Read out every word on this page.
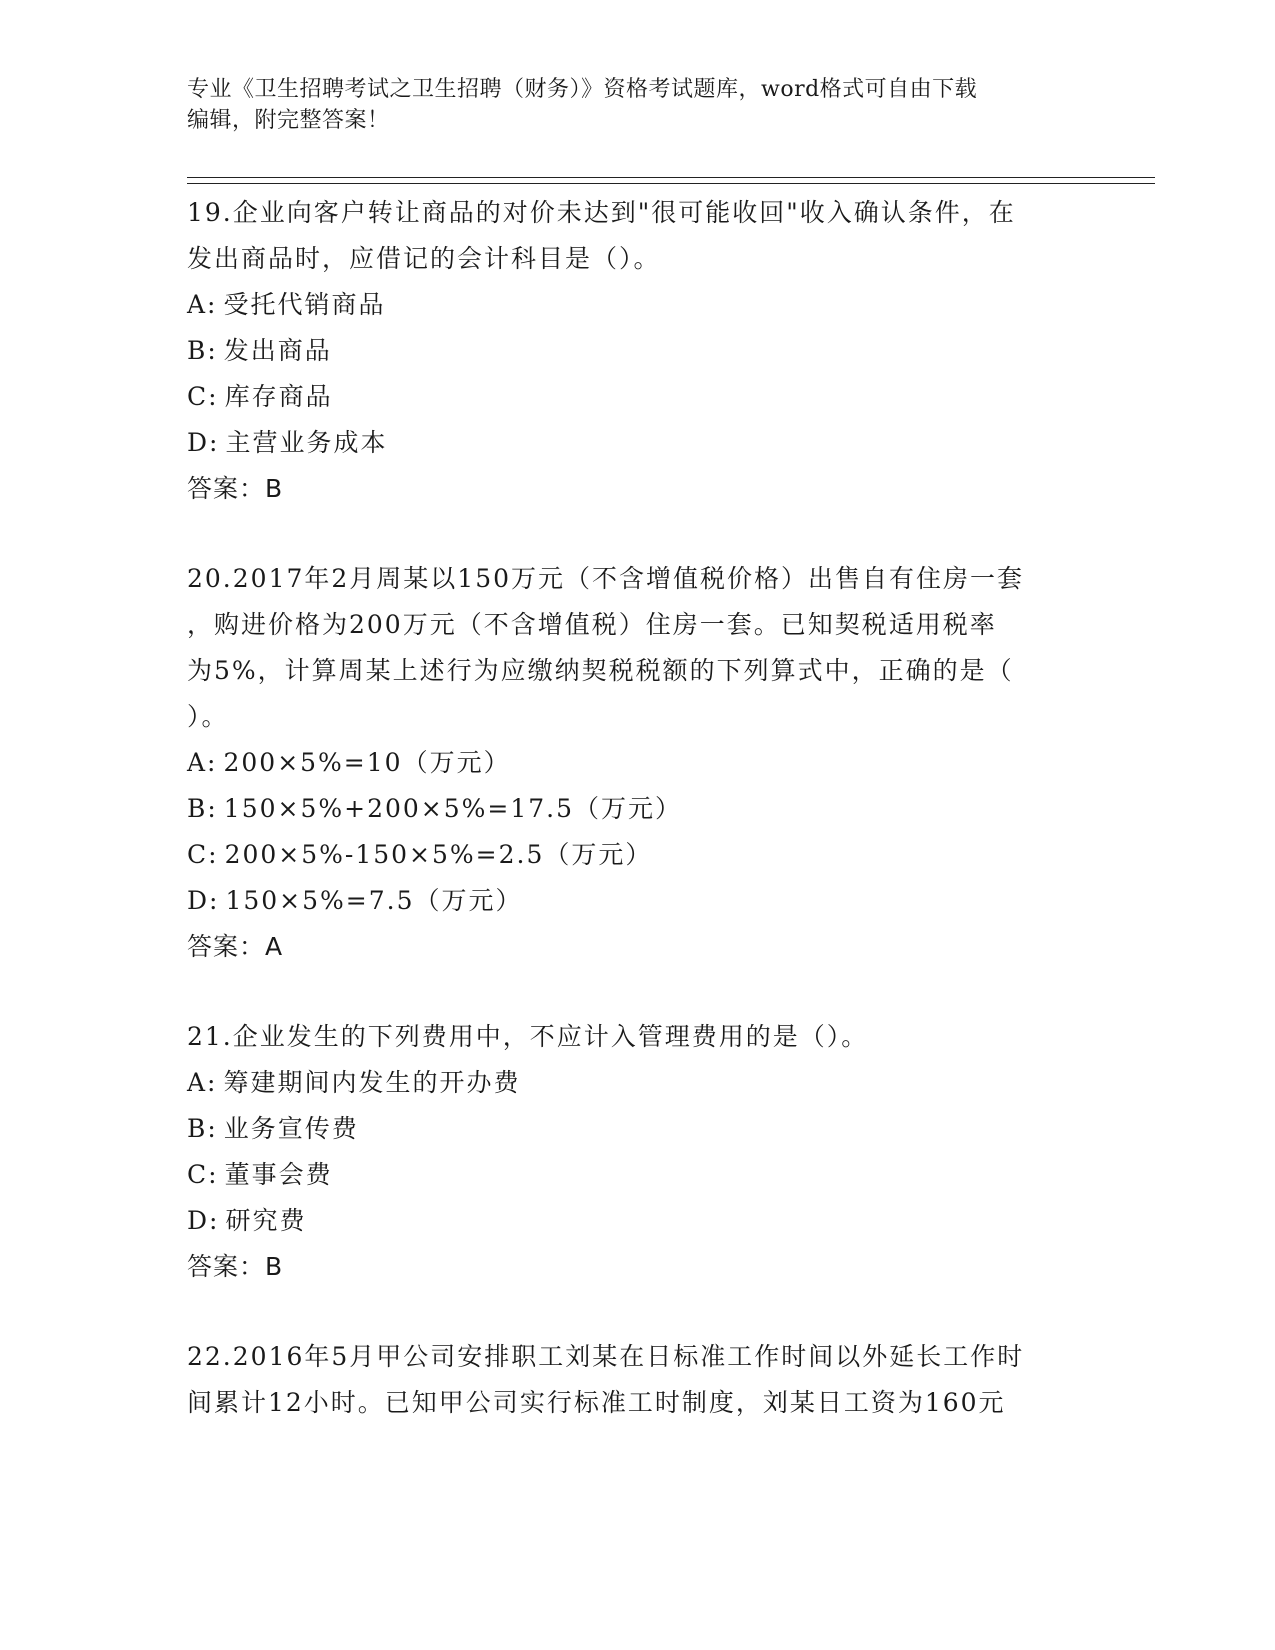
专业《卫生招聘考试之卫生招聘（财务）》资格考试题库，word格式可自由下载
编辑，附完整答案！

19.企业向客户转让商品的对价未达到"很可能收回"收入确认条件，在

发出商品时，应借记的会计科目是（）。

A: 受托代销商品

B: 发出商品

C: 库存商品

D: 主营业务成本

答案：B

20.2017年2月周某以150万元（不含增值税价格）出售自有住房一套

，购进价格为200万元（不含增值税）住房一套。已知契税适用税率

为5%，计算周某上述行为应缴纳契税税额的下列算式中，正确的是（

）。

A: 200×5%=10（万元）

B: 150×5%+200×5%=17.5（万元）

C: 200×5%-150×5%=2.5（万元）

D: 150×5%=7.5（万元）

答案：A

21.企业发生的下列费用中，不应计入管理费用的是（）。

A: 筹建期间内发生的开办费

B: 业务宣传费

C: 董事会费

D: 研究费

答案：B

22.2016年5月甲公司安排职工刘某在日标准工作时间以外延长工作时

间累计12小时。已知甲公司实行标准工时制度，刘某日工资为160元
